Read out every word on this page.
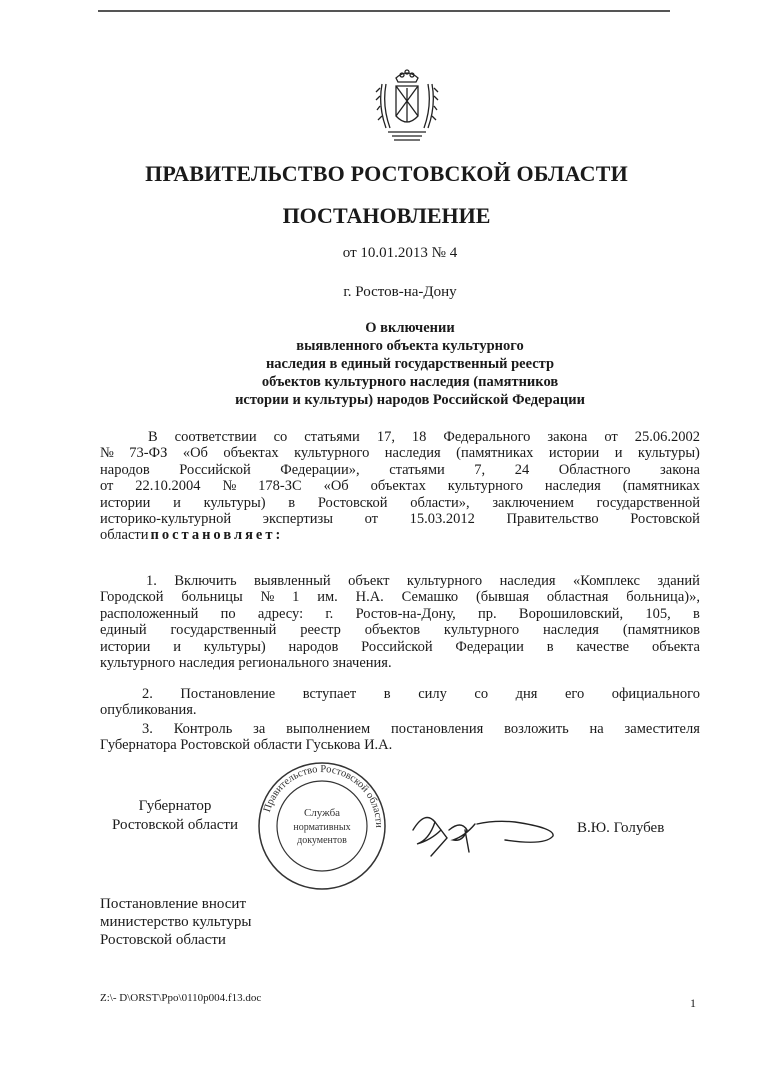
ПРАВИТЕЛЬСТВО РОСТОВСКОЙ ОБЛАСТИ
ПОСТАНОВЛЕНИЕ
от 10.01.2013 № 4
г. Ростов-на-Дону
О включении
выявленного объекта культурного
наследия в единый государственный реестр
объектов культурного наследия (памятников
истории и культуры) народов Российской Федерации
В соответствии со статьями 17, 18 Федерального закона от 25.06.2002
№ 73-ФЗ «Об объектах культурного наследия (памятниках истории и культуры)
народов Российской Федерации», статьями 7, 24 Областного закона
от 22.10.2004 № 178-ЗС «Об объектах культурного наследия (памятниках
истории и культуры) в Ростовской области», заключением государственной
историко-культурной экспертизы от 15.03.2012 Правительство Ростовской
области постановляет:
1. Включить выявленный объект культурного наследия «Комплекс зданий
Городской больницы № 1 им. Н.А. Семашко (бывшая областная больница)»,
расположенный по адресу: г. Ростов-на-Дону, пр. Ворошиловский, 105, в
единый государственный реестр объектов культурного наследия (памятников
истории и культуры) народов Российской Федерации в качестве объекта
культурного наследия регионального значения.
2. Постановление вступает в силу со дня его официального
опубликования.
3. Контроль за выполнением постановления возложить на заместителя
Губернатора Ростовской области Гуськова И.А.
Губернатор
Ростовской области
Правительство Ростовской области
Служба
нормативных
документов
В.Ю. Голубев
Постановление вносит
министерство культуры
Ростовской области
Z:\- D\ORST\Ppo\0110p004.f13.doc	1
